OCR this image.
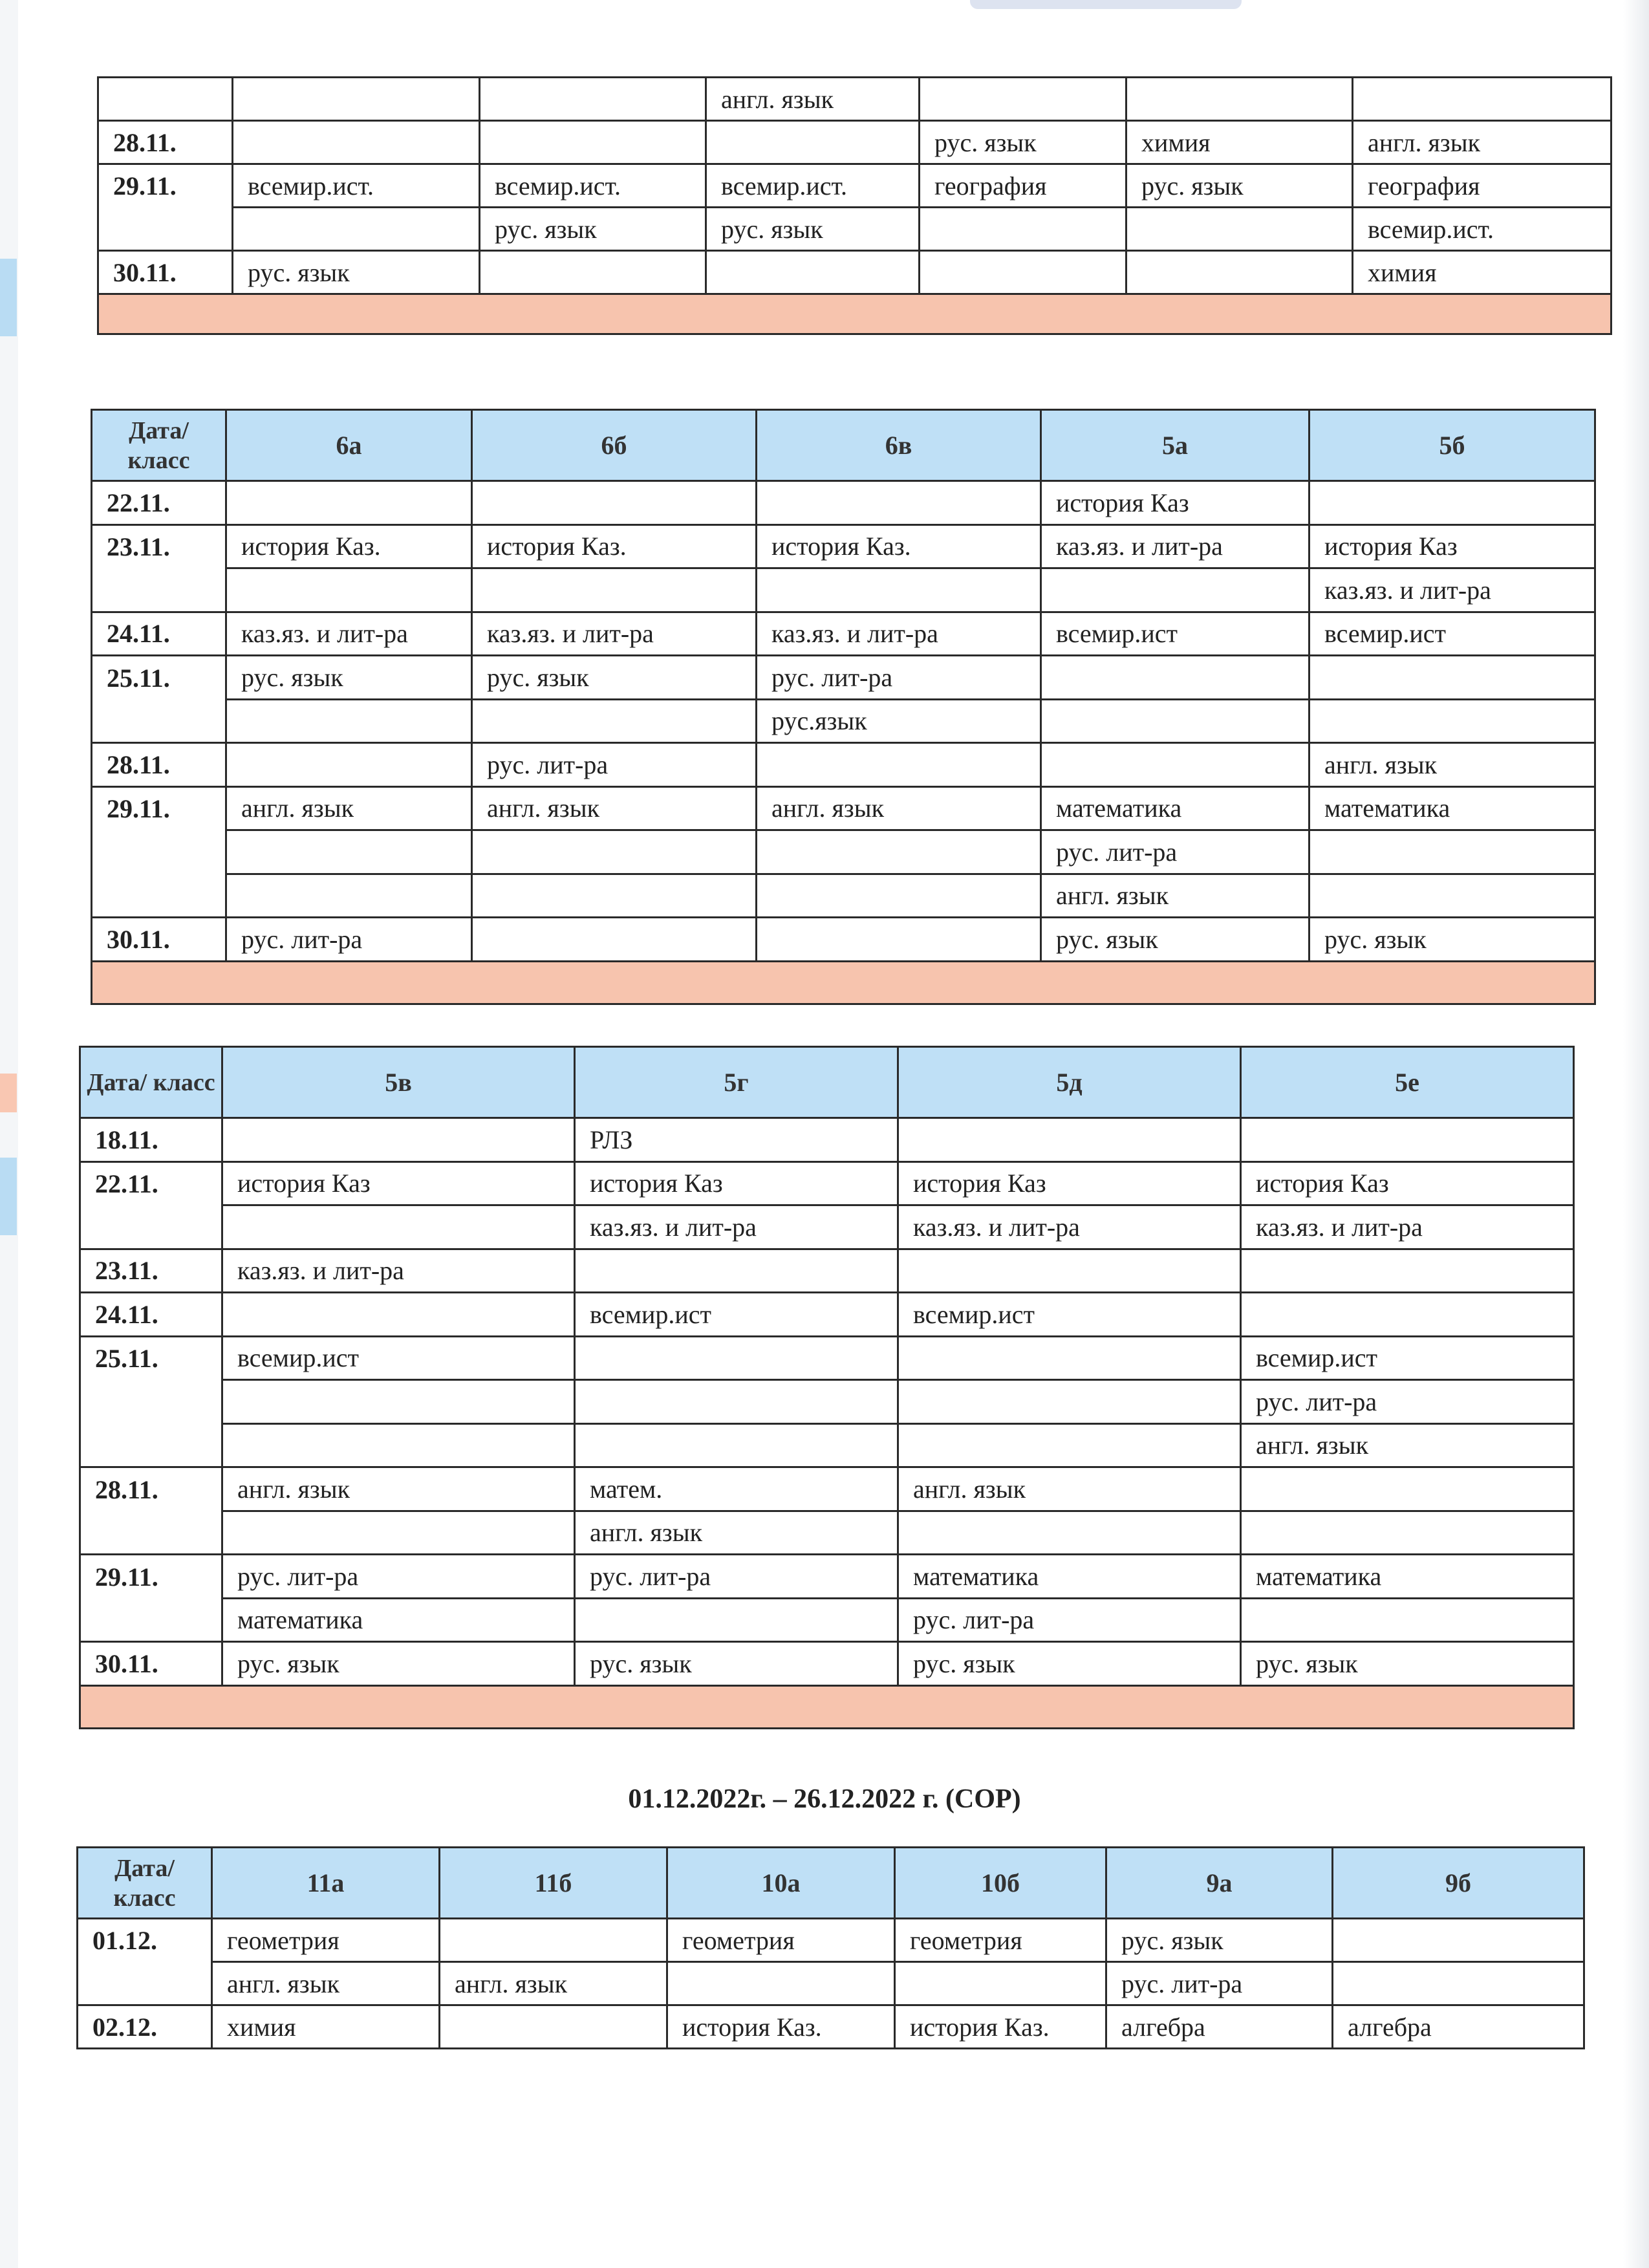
			англ. язык			
28.11.				рус. язык	химия	англ. язык
29.11.	всемир.ист.	всемир.ист.	всемир.ист.	география	рус. язык	география
		рус. язык	рус. язык			всемир.ист.
30.11.	рус. язык					химия

Дата/ класс	6а	6б	6в	5а	5б
22.11.				история Каз	
23.11.	история Каз.	история Каз.	история Каз.	каз.яз. и лит-ра	история Каз
					каз.яз. и лит-ра
24.11.	каз.яз. и лит-ра	каз.яз. и лит-ра	каз.яз. и лит-ра	всемир.ист	всемир.ист
25.11.	рус. язык	рус. язык	рус. лит-ра		
			рус.язык		
28.11.		рус. лит-ра			англ. язык
29.11.	англ. язык	англ. язык	англ. язык	математика	математика
				рус. лит-ра	
				англ. язык	
30.11.	рус. лит-ра			рус. язык	рус. язык

Дата/ класс	5в	5г	5д	5е
18.11.		РЛЗ		
22.11.	история Каз	история Каз	история Каз	история Каз
		каз.яз. и лит-ра	каз.яз. и лит-ра	каз.яз. и лит-ра
23.11.	каз.яз. и лит-ра			
24.11.		всемир.ист	всемир.ист	
25.11.	всемир.ист			всемир.ист
				рус. лит-ра
				англ. язык
28.11.	англ. язык	матем.	англ. язык	
		англ. язык		
29.11.	рус. лит-ра	рус. лит-ра	математика	математика
	математика		рус. лит-ра	
30.11.	рус. язык	рус. язык	рус. язык	рус. язык

01.12.2022г. – 26.12.2022 г. (СОР)
Дата/ класс	11а	11б	10а	10б	9а	9б
01.12.	геометрия		геометрия	геометрия	рус. язык	
	англ. язык	англ. язык			рус. лит-ра	
02.12.	химия		история Каз.	история Каз.	алгебра	алгебра
